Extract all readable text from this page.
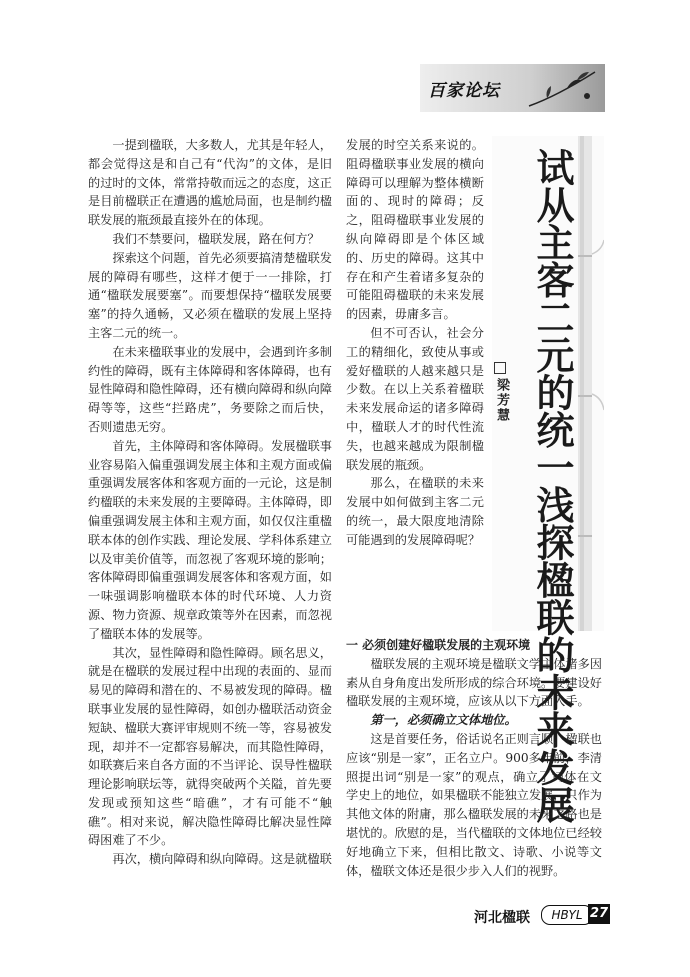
百家论坛

一提到楹联，大多数人，尤其是年轻人，都会觉得这是和自己有“代沟”的文体，是旧的过时的文体，常常持敬而远之的态度，这正是目前楹联正在遭遇的尴尬局面，也是制约楹联发展的瓶颈最直接外在的体现。

我们不禁要问，楹联发展，路在何方？

探索这个问题，首先必须要搞清楚楹联发展的障碍有哪些，这样才便于一一排除，打通“楹联发展要塞”。而要想保持“楹联发展要塞”的持久通畅，又必须在楹联的发展上坚持主客二元的统一。

在未来楹联事业的发展中，会遇到许多制约性的障碍，既有主体障碍和客体障碍，也有显性障碍和隐性障碍，还有横向障碍和纵向障碍等等，这些“拦路虎”，务要除之而后快，否则遗患无穷。

首先，主体障碍和客体障碍。发展楹联事业容易陷入偏重强调发展主体和主观方面或偏重强调发展客体和客观方面的一元论，这是制约楹联的未来发展的主要障碍。主体障碍，即偏重强调发展主体和主观方面，如仅仅注重楹联本体的创作实践、理论发展、学科体系建立以及审美价值等，而忽视了客观环境的影响；客体障碍即偏重强调发展客体和客观方面，如一味强调影响楹联本体的时代环境、人力资源、物力资源、规章政策等外在因素，而忽视了楹联本体的发展等。

其次，显性障碍和隐性障碍。顾名思义，就是在楹联的发展过程中出现的表面的、显而易见的障碍和潜在的、不易被发现的障碍。楹联事业发展的显性障碍，如创办楹联活动资金短缺、楹联大赛评审规则不统一等，容易被发现，却并不一定都容易解决，而其隐性障碍，如联赛后来自各方面的不当评论、误导性楹联理论影响联坛等，就得突破两个关隘，首先要发现或预知这些“暗礁”，才有可能不“触礁”。相对来说，解决隐性障碍比解决显性障碍困难了不少。

再次，横向障碍和纵向障碍。这是就楹联

发展的时空关系来说的。阻碍楹联事业发展的横向障碍可以理解为整体横断面的、现时的障碍；反之，阻碍楹联事业发展的纵向障碍即是个体区域的、历史的障碍。这其中存在和产生着诸多复杂的可能阻碍楹联的未来发展的因素，毋庸多言。

但不可否认，社会分工的精细化，致使从事或爱好楹联的人越来越只是少数。在以上关系着楹联未来发展命运的诸多障碍中，楹联人才的时代性流失，也越来越成为限制楹联发展的瓶颈。

那么，在楹联的未来发展中如何做到主客二元的统一，最大限度地清除可能遇到的发展障碍呢？	试从主客二元的统一浅探楹联的未来发展
梁芳慧
一 必须创建好楹联发展的主观环境

楹联发展的主观环境是楹联文学主体诸多因素从自身角度出发所形成的综合环境。要建设好楹联发展的主观环境，应该从以下方面入手。

第一，必须确立文体地位。

这是首要任务，俗话说名正则言顺，楹联也应该“别是一家”，正名立户。900多年前，李清照提出词“别是一家”的观点，确立了词体在文学史上的地位，如果楹联不能独立发展，只作为其他文体的附庸，那么楹联发展的未来之路也是堪忧的。欣慰的是，当代楹联的文体地位已经较好地确立下来，但相比散文、诗歌、小说等文体，楹联文体还是很少步入人们的视野。

河北楹联	HBYL 27
